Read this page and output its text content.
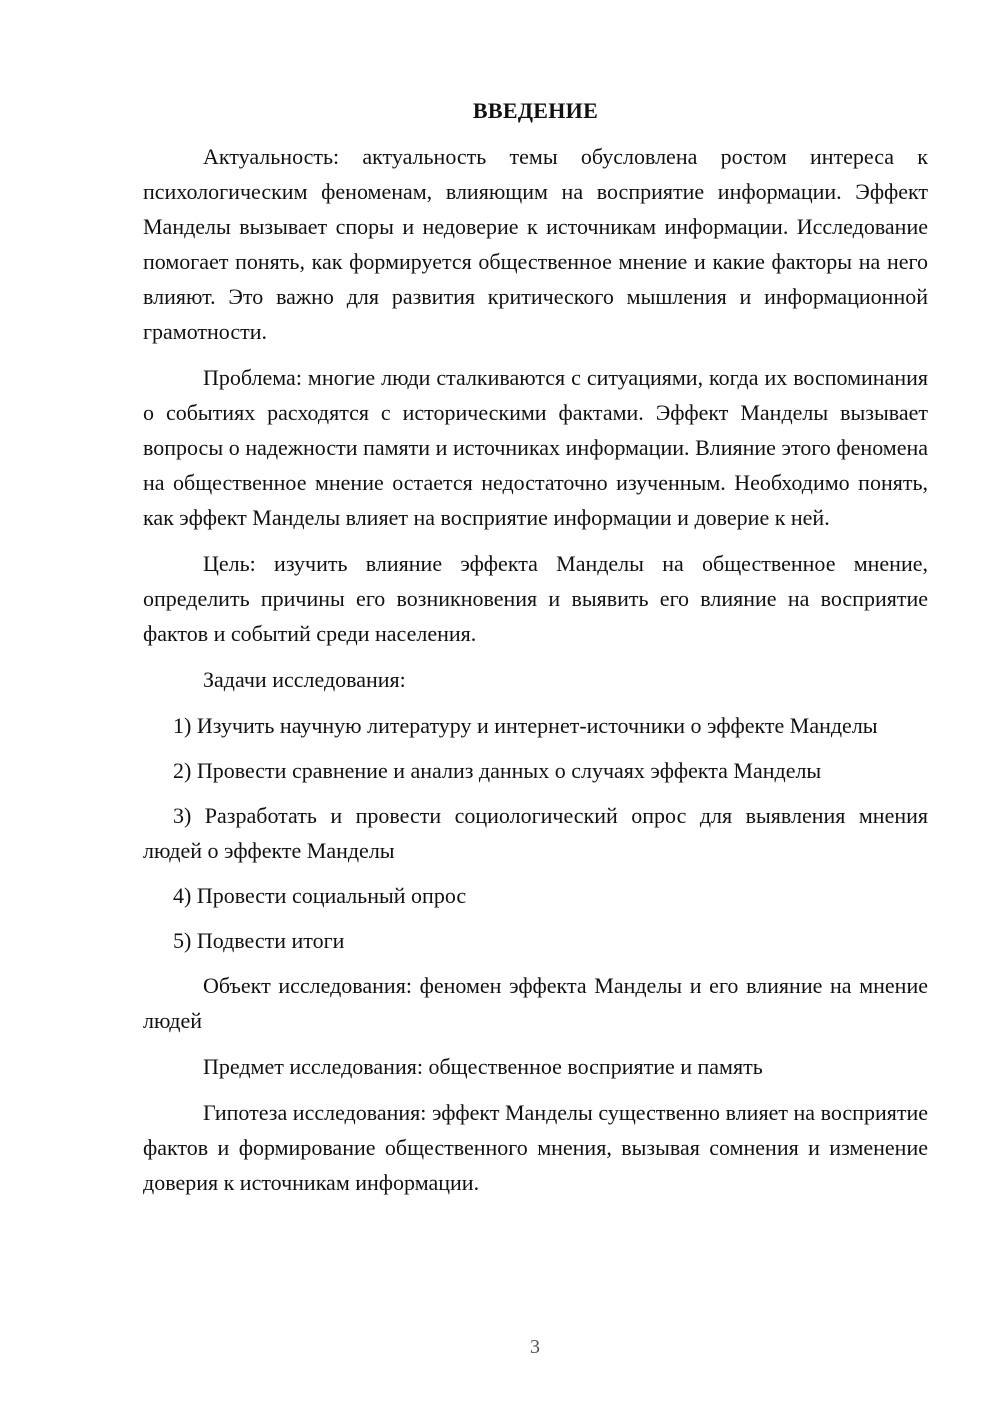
ВВЕДЕНИЕ

Актуальность: актуальность темы обусловлена ростом интереса к психологическим феноменам, влияющим на восприятие информации. Эффект Манделы вызывает споры и недоверие к источникам информации. Исследование помогает понять, как формируется общественное мнение и какие факторы на него влияют. Это важно для развития критического мышления и информационной грамотности.

Проблема: многие люди сталкиваются с ситуациями, когда их воспоминания о событиях расходятся с историческими фактами. Эффект Манделы вызывает вопросы о надежности памяти и источниках информации. Влияние этого феномена на общественное мнение остается недостаточно изученным. Необходимо понять, как эффект Манделы влияет на восприятие информации и доверие к ней.

Цель: изучить влияние эффекта Манделы на общественное мнение, определить причины его возникновения и выявить его влияние на восприятие фактов и событий среди населения.

Задачи исследования:

1) Изучить научную литературу и интернет-источники о эффекте Манделы

2) Провести сравнение и анализ данных о случаях эффекта Манделы

3) Разработать и провести социологический опрос для выявления мнения людей о эффекте Манделы

4) Провести социальный опрос

5) Подвести итоги

Объект исследования: феномен эффекта Манделы и его влияние на мнение людей

Предмет исследования: общественное восприятие и память

Гипотеза исследования: эффект Манделы существенно влияет на восприятие фактов и формирование общественного мнения, вызывая сомнения и изменение доверия к источникам информации.

3
